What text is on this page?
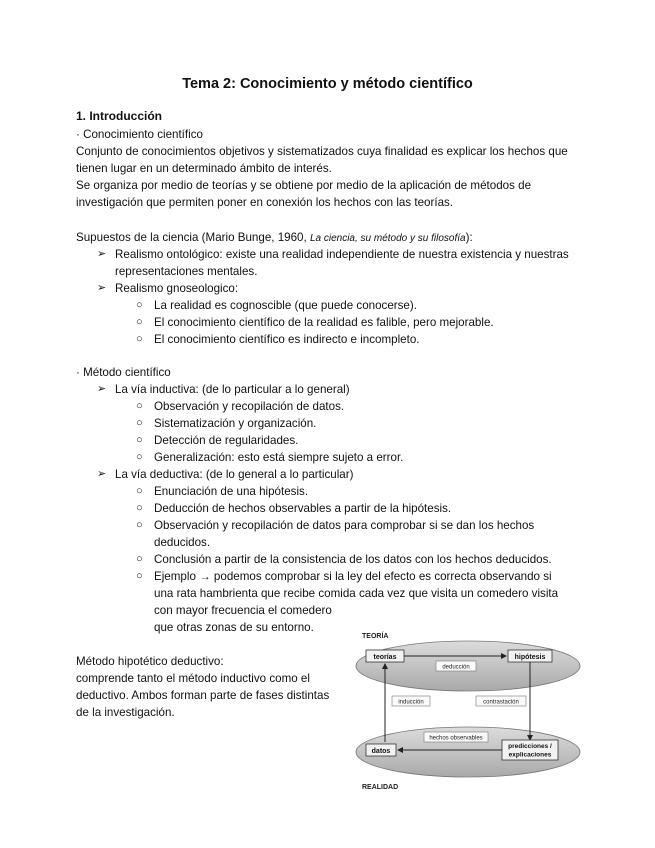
Tema 2: Conocimiento y método científico
1. Introducción
· Conocimiento científico
Conjunto de conocimientos objetivos y sistematizados cuya finalidad es explicar los hechos que
tienen lugar en un determinado ámbito de interés.
Se organiza por medio de teorías y se obtiene por medio de la aplicación de métodos de
investigación que permiten poner en conexión los hechos con las teorías.
Supuestos de la ciencia (Mario Bunge, 1960, La ciencia, su método y su filosofía):
➢ Realismo ontológico: existe una realidad independiente de nuestra existencia y nuestras
representaciones mentales.
➢ Realismo gnoseologico:
○ La realidad es cognoscible (que puede conocerse).
○ El conocimiento científico de la realidad es falible, pero mejorable.
○ El conocimiento científico es indirecto e incompleto.
· Método científico
➢ La vía inductiva: (de lo particular a lo general)
○ Observación y recopilación de datos.
○ Sistematización y organización.
○ Detección de regularidades.
○ Generalización: esto está siempre sujeto a error.
➢ La vía deductiva: (de lo general a lo particular)
○ Enunciación de una hipótesis.
○ Deducción de hechos observables a partir de la hipótesis.
○ Observación y recopilación de datos para comprobar si se dan los hechos
deducidos.
○ Conclusión a partir de la consistencia de los datos con los hechos deducidos.
○ Ejemplo → podemos comprobar si la ley del efecto es correcta observando si
una rata hambrienta que recibe comida cada vez que visita un comedero visita
con mayor frecuencia el comedero
que otras zonas de su entorno.
Método hipotético deductivo:
comprende tanto el método inductivo como el
deductivo. Ambos forman parte de fases distintas
de la investigación.
TEORÍA
REALIDAD
teorías	hipótesis
deducción
contrastación
inducción
datos
predicciones /
explicaciones
hechos observables
